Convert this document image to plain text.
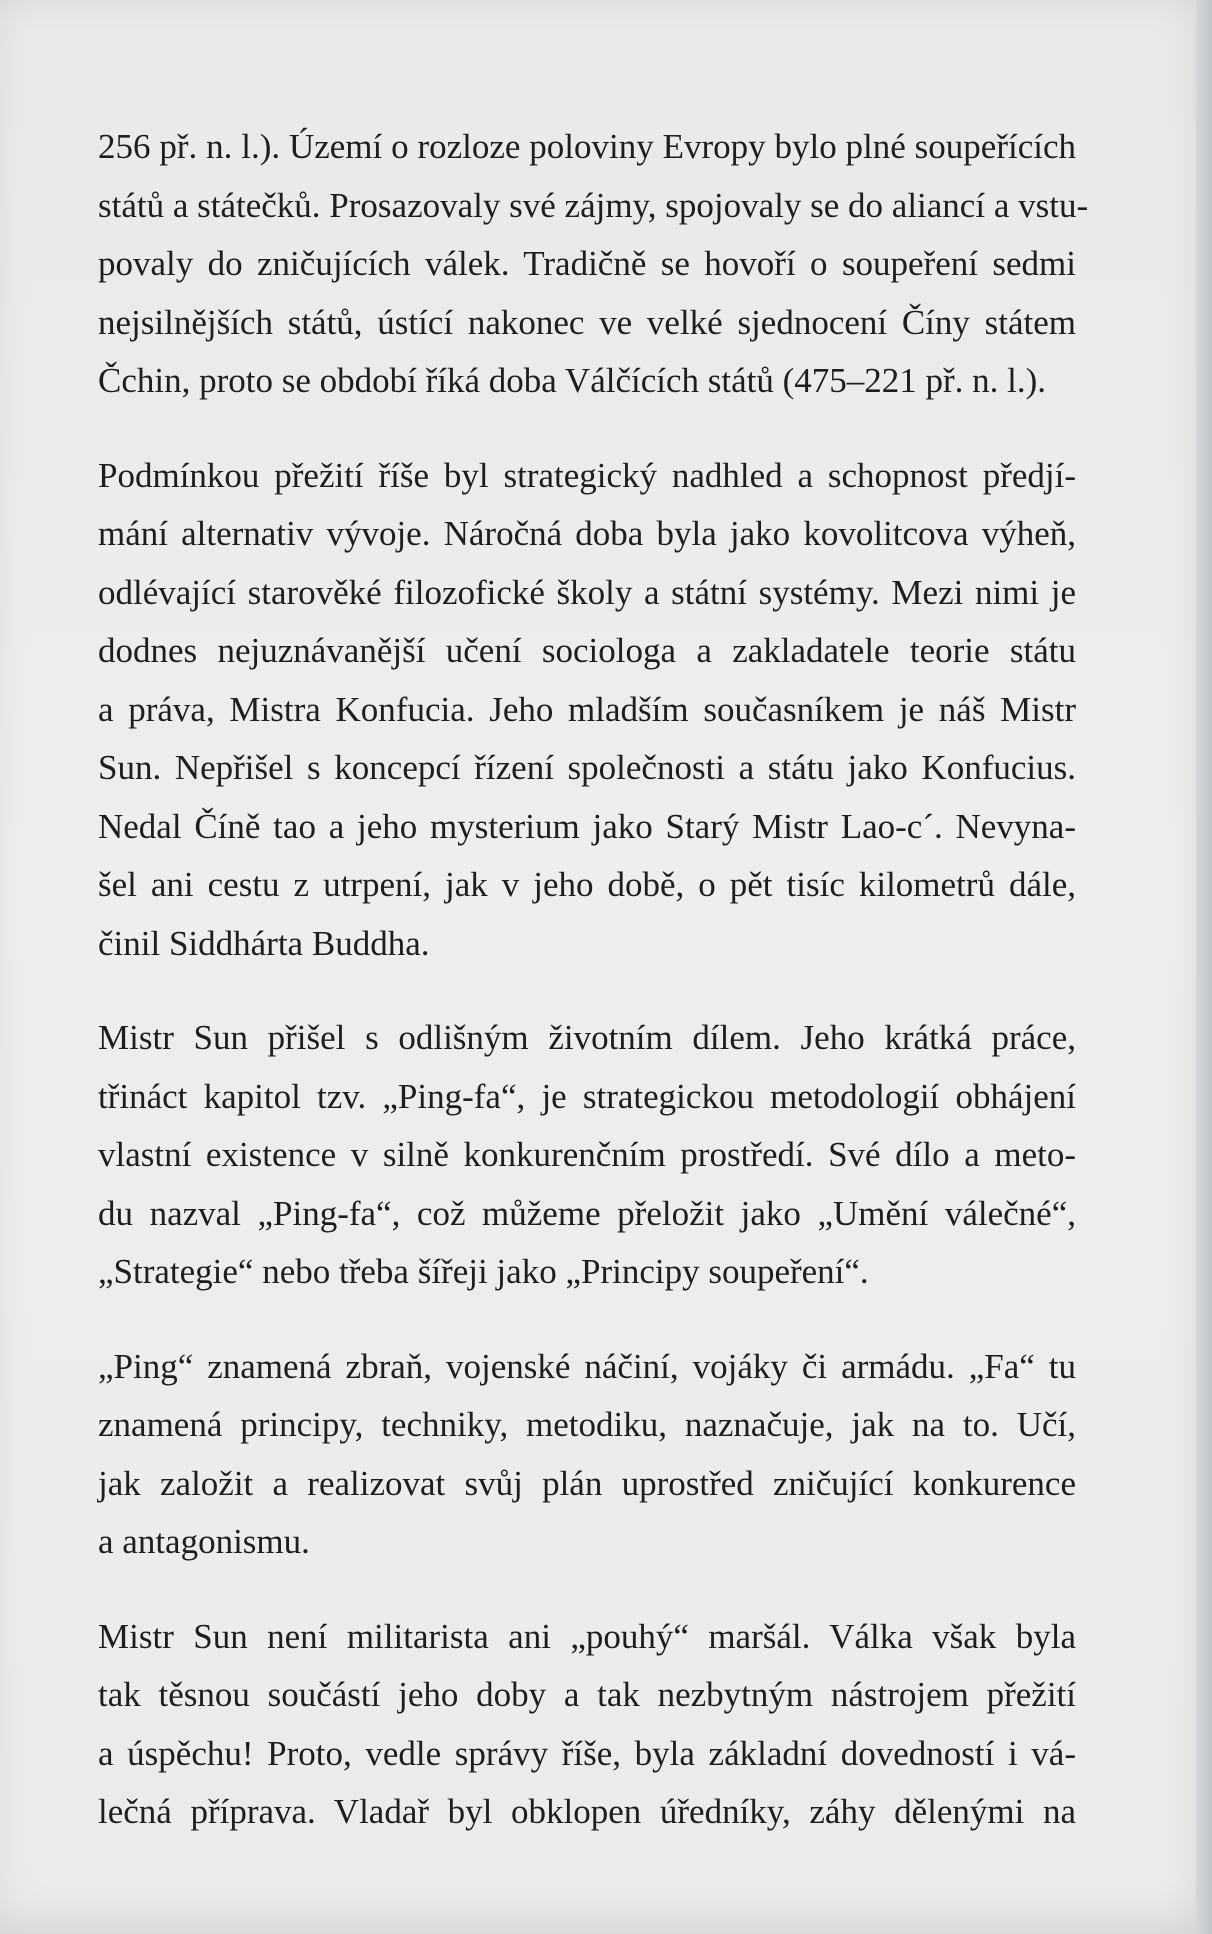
256 př. n. l.). Území o rozloze poloviny Evropy bylo plné soupeřících
států a státečků. Prosazovaly své zájmy, spojovaly se do aliancí a vstu-
povaly do zničujících válek. Tradičně se hovoří o soupeření sedmi
nejsilnějších států, ústící nakonec ve velké sjednocení Číny státem
Čchin, proto se období říká doba Válčících států (475–221 př. n. l.).

Podmínkou přežití říše byl strategický nadhled a schopnost předjí-
mání alternativ vývoje. Náročná doba byla jako kovolitcova výheň,
odlévající starověké filozofické školy a státní systémy. Mezi nimi je
dodnes nejuznávanější učení sociologa a zakladatele teorie státu
a práva, Mistra Konfucia. Jeho mladším současníkem je náš Mistr
Sun. Nepřišel s koncepcí řízení společnosti a státu jako Konfucius.
Nedal Číně tao a jeho mysterium jako Starý Mistr Lao-c´. Nevyna-
šel ani cestu z utrpení, jak v jeho době, o pět tisíc kilometrů dále,
činil Siddhárta Buddha.

Mistr Sun přišel s odlišným životním dílem. Jeho krátká práce,
třináct kapitol tzv. „Ping-fa“, je strategickou metodologií obhájení
vlastní existence v silně konkurenčním prostředí. Své dílo a meto-
du nazval „Ping-fa“, což můžeme přeložit jako „Umění válečné“,
„Strategie“ nebo třeba šířeji jako „Principy soupeření“.

„Ping“ znamená zbraň, vojenské náčiní, vojáky či armádu. „Fa“ tu
znamená principy, techniky, metodiku, naznačuje, jak na to. Učí,
jak založit a realizovat svůj plán uprostřed zničující konkurence
a antagonismu.

Mistr Sun není militarista ani „pouhý“ maršál. Válka však byla
tak těsnou součástí jeho doby a tak nezbytným nástrojem přežití
a úspěchu! Proto, vedle správy říše, byla základní dovedností i vá-
lečná příprava. Vladař byl obklopen úředníky, záhy dělenými na
